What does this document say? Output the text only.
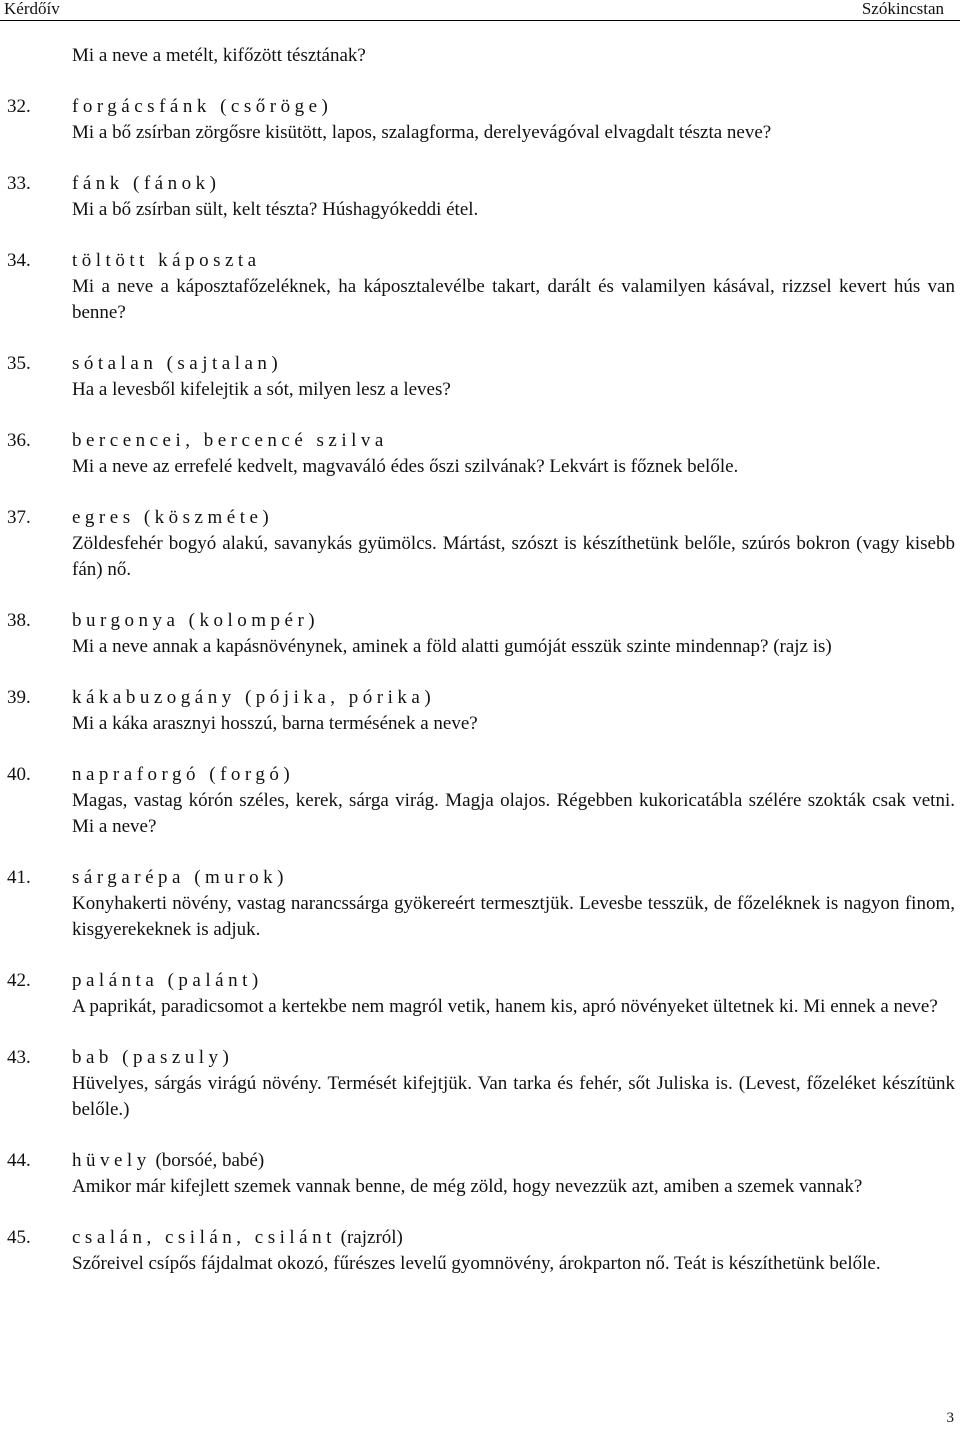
Kérdőív	Szókincstan
Mi a neve a metélt, kifőzött tésztának?
32. forgácsfánk (csőröge)
Mi a bő zsírban zörgősre kisütött, lapos, szalagforma, derelyevágóval elvagdalt tészta neve?
33. fánk (fánok)
Mi a bő zsírban sült, kelt tészta? Húshagyókeddi étel.
34. töltött káposzta
Mi a neve a káposztafőzeléknek, ha káposztalevélbe takart, darált és valamilyen kásával, rizzsel kevert hús van benne?
35. sótalan (sajtalan)
Ha a levesből kifelejtik a sót, milyen lesz a leves?
36. bercencei, bercencé szilva
Mi a neve az errefelé kedvelt, magvaváló édes őszi szilvának? Lekvárt is főznek belőle.
37. egres (köszméte)
Zöldesfehér bogyó alakú, savanykás gyümölcs. Mártást, szószt is készíthetünk belőle, szúrós bokron (vagy kisebb fán) nő.
38. burgonya (kolompér)
Mi a neve annak a kapásnövénynek, aminek a föld alatti gumóját esszük szinte mindennap? (rajz is)
39. kákabuzogány (pójika, pórika)
Mi a káka arasznyi hosszú, barna termésének a neve?
40. napraforgó (forgó)
Magas, vastag kórón széles, kerek, sárga virág. Magja olajos. Régebben kukoricatábla szélére szokták csak vetni. Mi a neve?
41. sárgarépa (murok)
Konyhakerti növény, vastag narancssárga gyökereért termesztjük. Levesbe tesszük, de főzeléknek is nagyon finom, kisgyerekeknek is adjuk.
42. palánta (palánt)
A paprikát, paradicsomot a kertekbe nem magról vetik, hanem kis, apró növényeket ültetnek ki. Mi ennek a neve?
43. bab (paszuly)
Hüvelyes, sárgás virágú növény. Termését kifejtjük. Van tarka és fehér, sőt Juliska is. (Levest, főzeléket készítünk belőle.)
44. hüvely (borsóé, babé)
Amikor már kifejlett szemek vannak benne, de még zöld, hogy nevezzük azt, amiben a szemek vannak?
45. csalán, csilán, csilánt (rajzról)
Szőreivel csípős fájdalmat okozó, fűrészes levelű gyomnövény, árokparton nő. Teát is készíthetünk belőle.
3
